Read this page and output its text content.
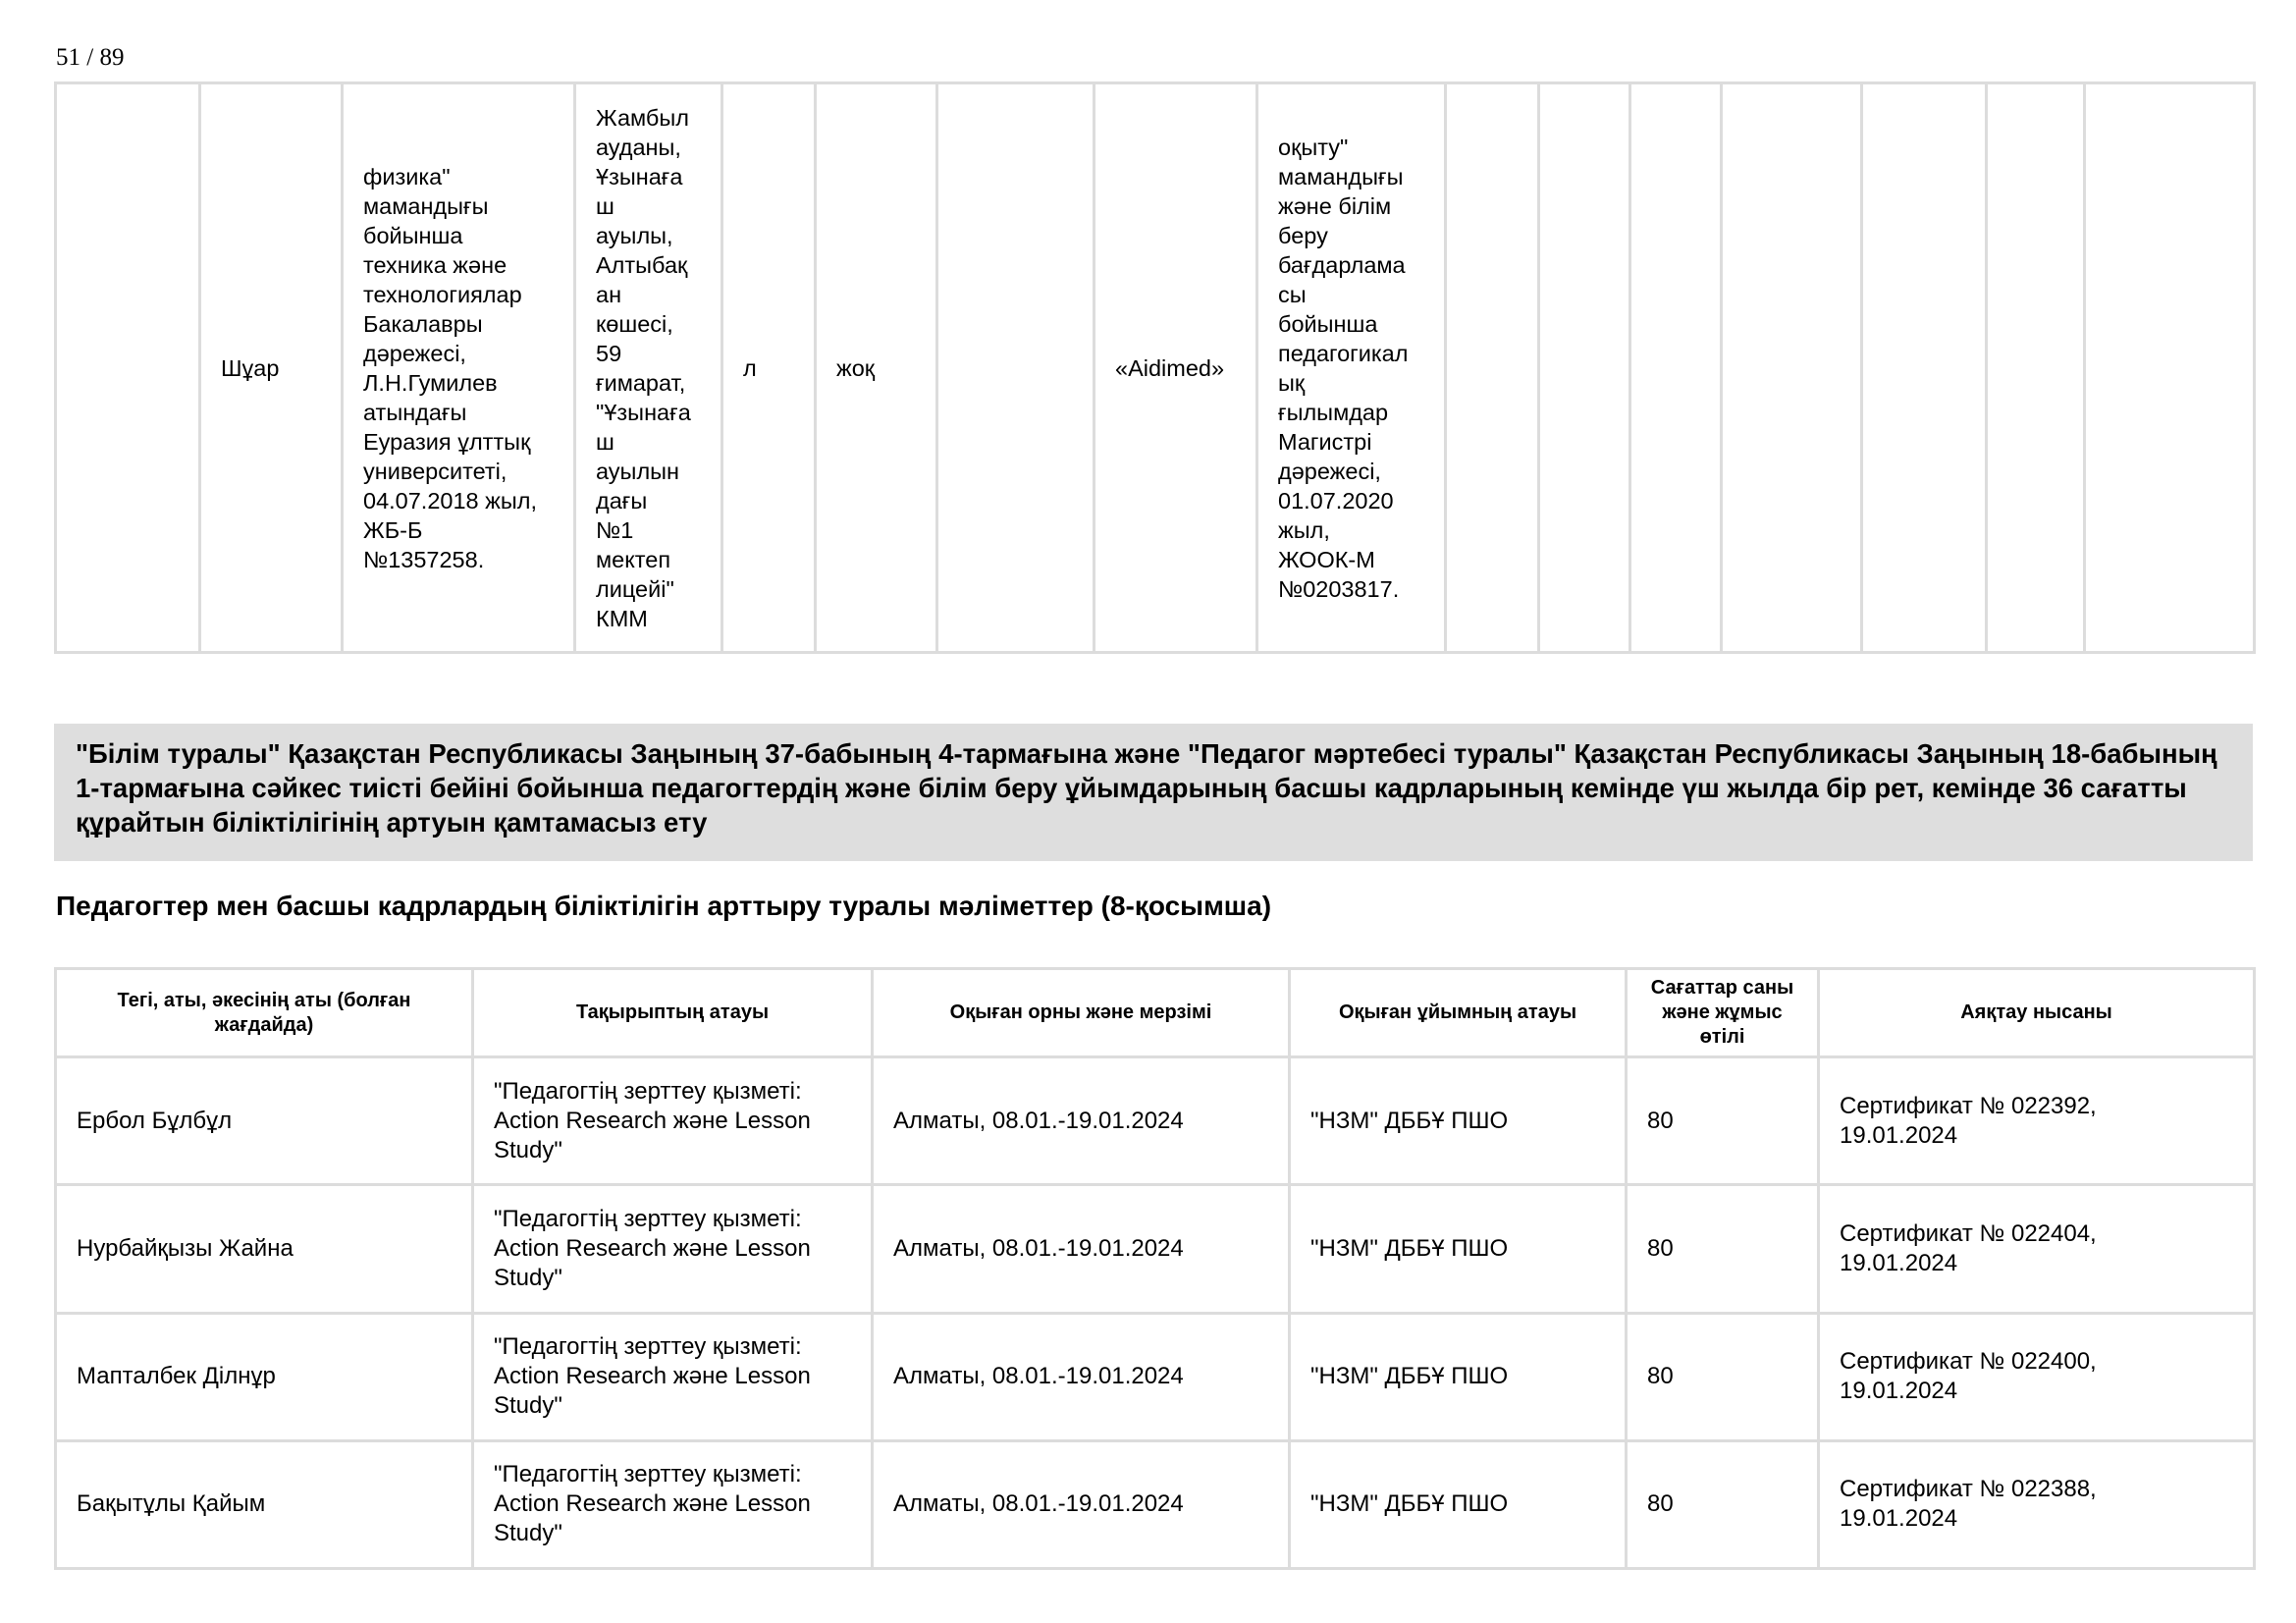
51 / 89
	Шұар	физика"
мамандығы
бойынша
техника және
технологиялар
Бакалавры
дәрежесі,
Л.Н.Гумилев
атындағы
Еуразия ұлттық
университеті,
04.07.2018 жыл,
ЖБ-Б
№1357258.	Жамбыл
ауданы,
Ұзынаға
ш
ауылы,
Алтыбақ
ан
көшесі,
59
ғимарат,
"Ұзынаға
ш
ауылын
дағы
№1
мектеп
лицейі"
КММ	л	жоқ		«Aidimed»	оқыту"
мамандығы
және білім
беру
бағдарлама
сы
бойынша
педагогикал
ық
ғылымдар
Магистрі
дәрежесі,
01.07.2020
жыл,
ЖООК-М
№0203817.							
"Білім туралы" Қазақстан Республикасы Заңының 37-бабының 4-тармағына және "Педагог мәртебесі туралы" Қазақстан Республикасы Заңының 18-бабының 1-тармағына сәйкес тиісті бейіні бойынша педагогтердің және білім беру ұйымдарының басшы кадрларының кемінде үш жылда бір рет, кемінде 36 сағатты құрайтын біліктілігінің артуын қамтамасыз ету
Педагогтер мен басшы кадрлардың біліктілігін арттыру туралы мәліметтер (8-қосымша)
Тегі, аты, әкесінің аты (болған жағдайда)	Тақырыптың атауы	Оқыған орны және мерзімі	Оқыған ұйымның атауы	Сағаттар саны және жұмыс өтілі	Аяқтау нысаны
Ербол Бұлбұл	"Педагогтің зерттеу қызметі:
Action Research және Lesson
Study"	Алматы, 08.01.-19.01.2024	"НЗМ" ДББҰ ПШО	80	Сертификат № 022392,
19.01.2024
Нурбайқызы Жайна	"Педагогтің зерттеу қызметі:
Action Research және Lesson
Study"	Алматы, 08.01.-19.01.2024	"НЗМ" ДББҰ ПШО	80	Сертификат № 022404,
19.01.2024
Мапталбек Ділнұр	"Педагогтің зерттеу қызметі:
Action Research және Lesson
Study"	Алматы, 08.01.-19.01.2024	"НЗМ" ДББҰ ПШО	80	Сертификат № 022400,
19.01.2024
Бақытұлы Қайым	"Педагогтің зерттеу қызметі:
Action Research және Lesson
Study"	Алматы, 08.01.-19.01.2024	"НЗМ" ДББҰ ПШО	80	Сертификат № 022388,
19.01.2024
